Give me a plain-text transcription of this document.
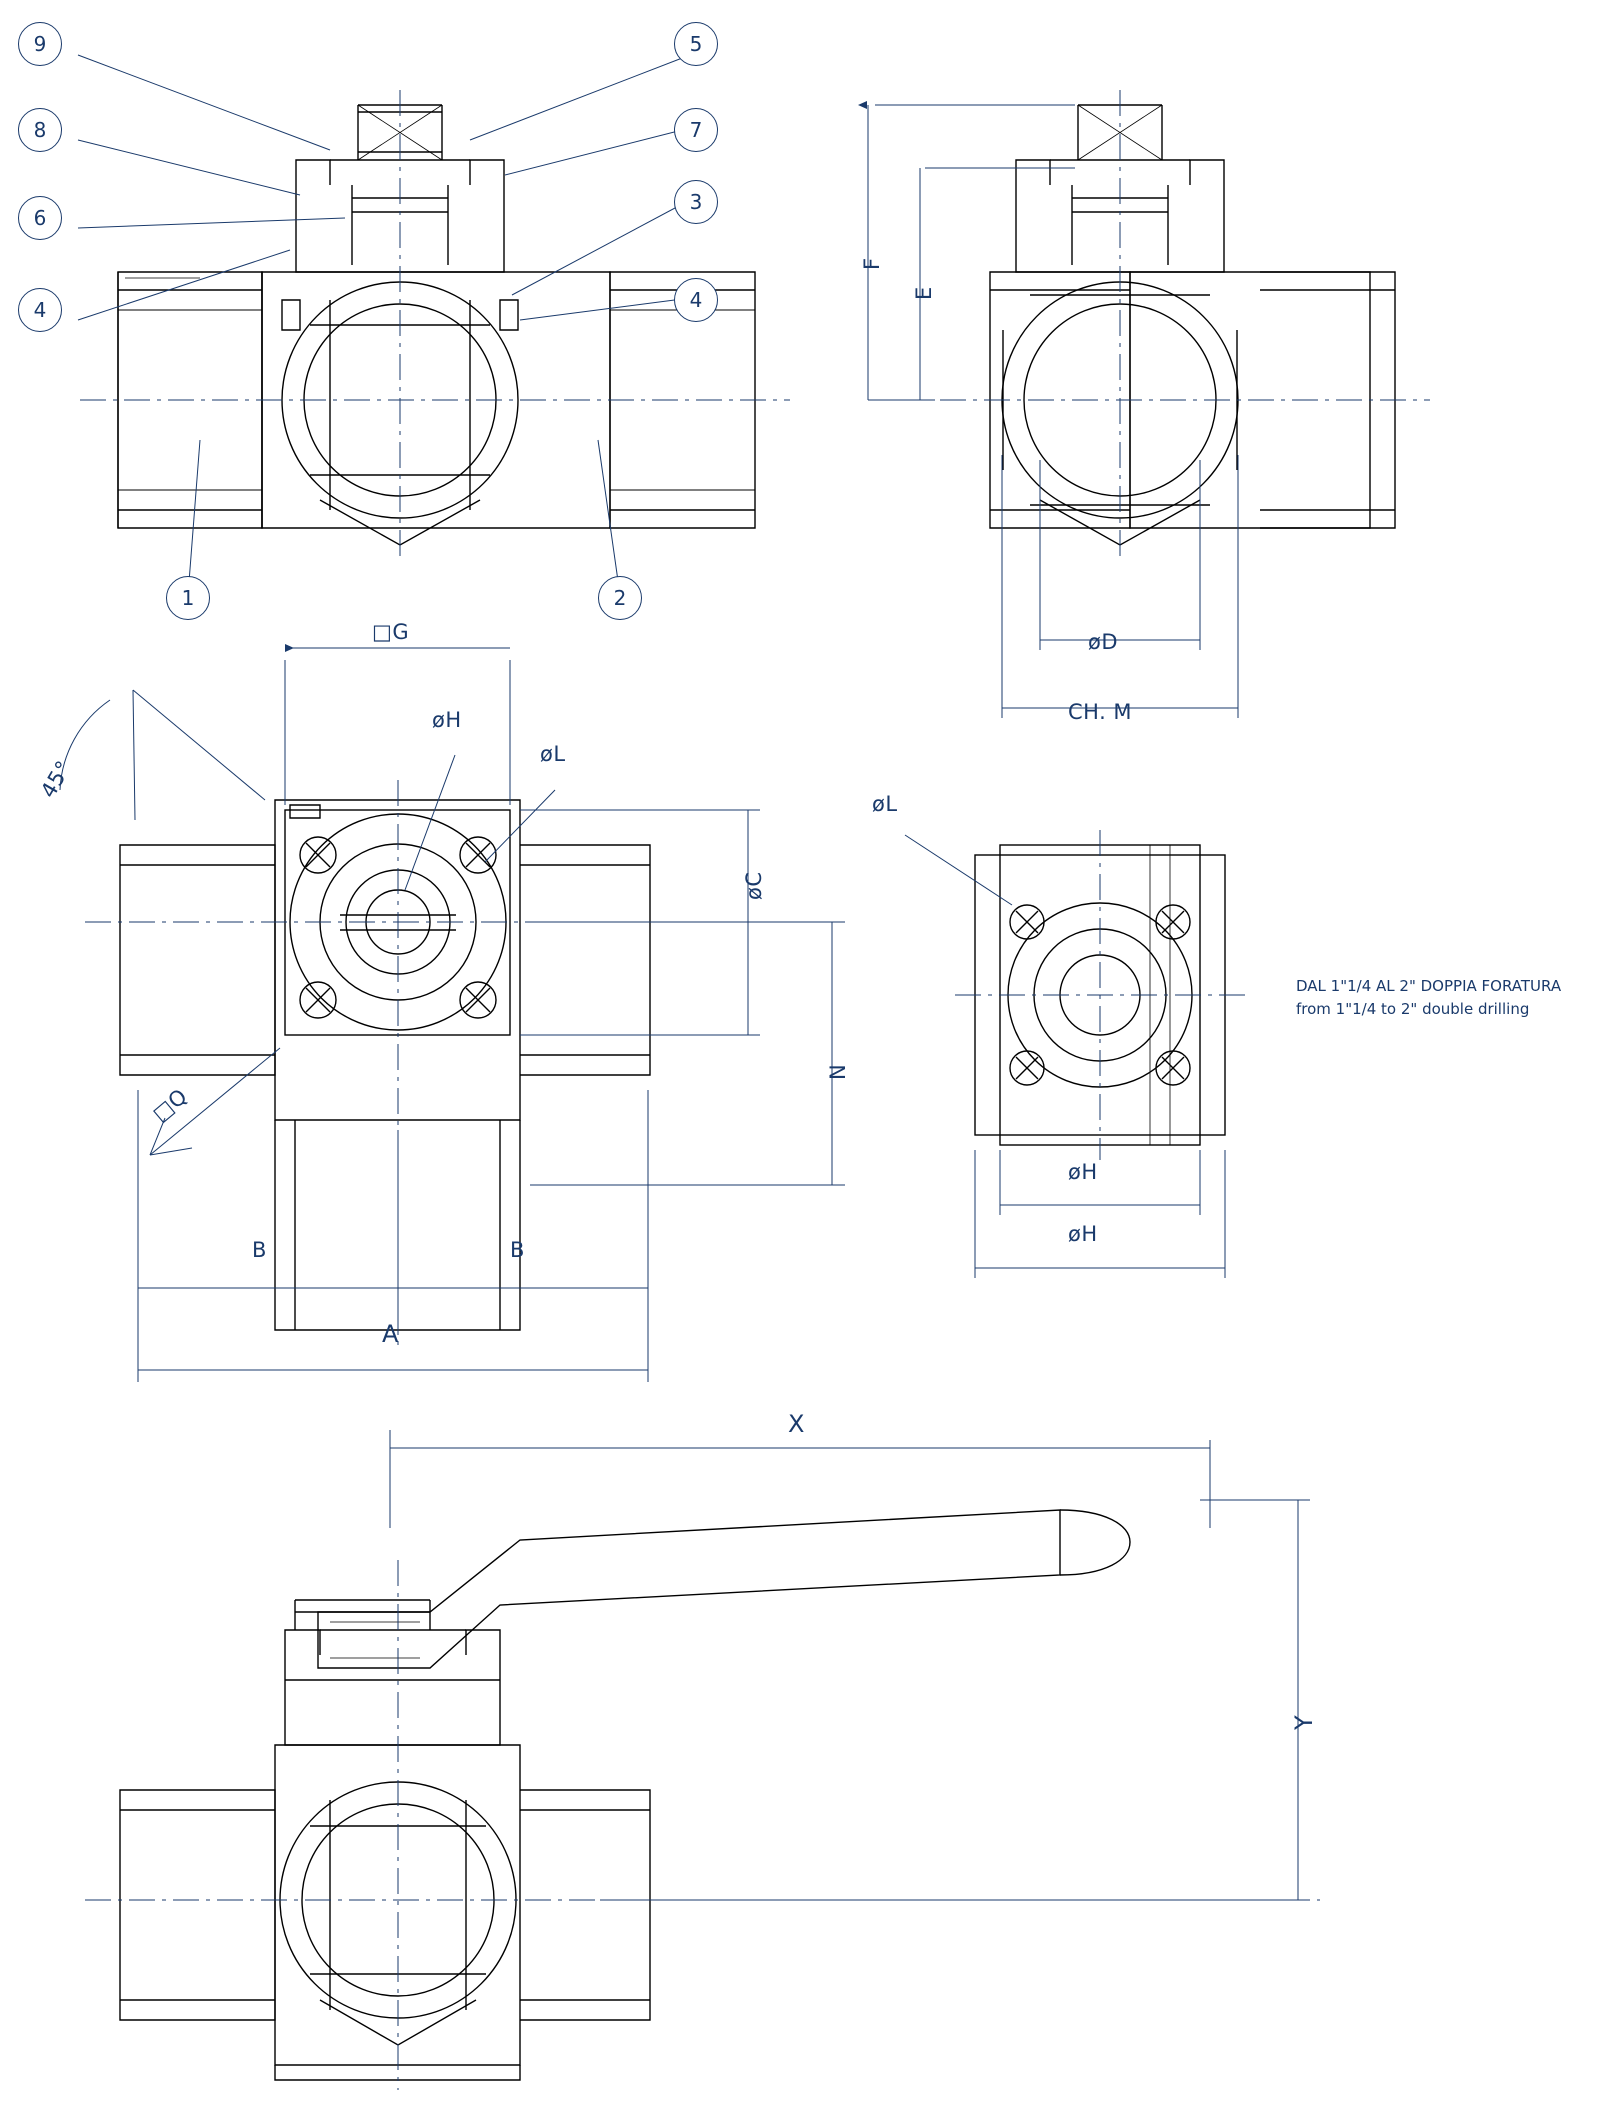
9
8
6
4
1
5
7
3
4
2
F
E
øD
CH. M
□G
øH
øL
øC
N
□Q
45°
B	B
A
øL
øH
øH
X
Y
DAL 1"1/4 AL 2" DOPPIA FORATURA
from 1"1/4 to 2" double drilling
